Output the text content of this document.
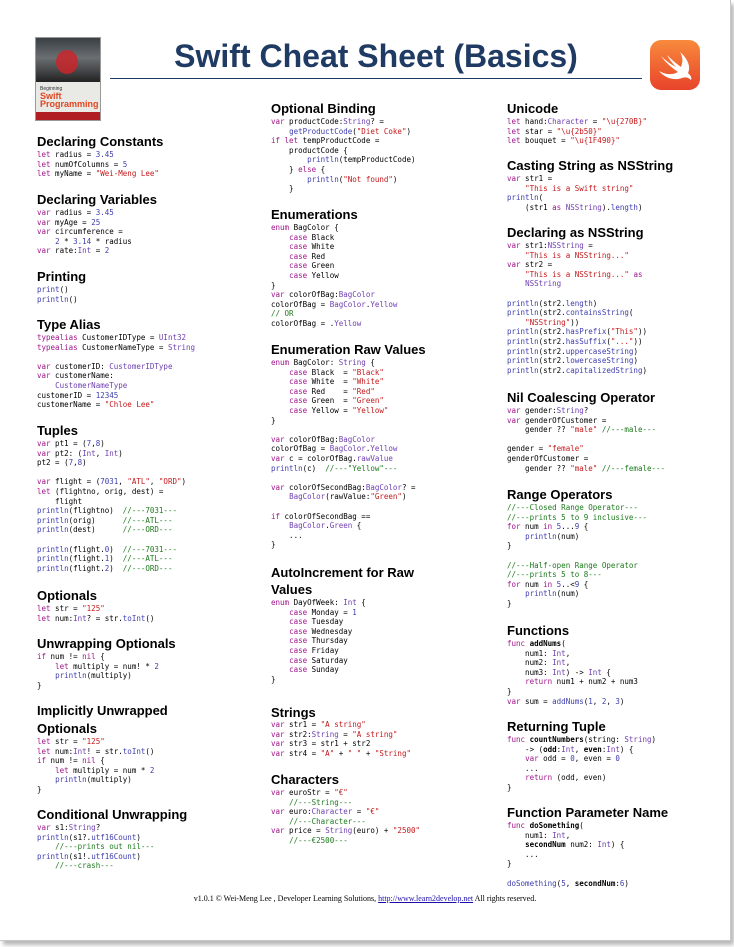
Beginning
Swift
Programming
Swift Cheat Sheet (Basics)
Declaring Constants
let radius = 3.45
let numOfColumns = 5
let myName = "Wei-Meng Lee"
Declaring Variables
var radius = 3.45
var myAge = 25
var circumference =
2 * 3.14 * radius
var rate:Int = 2
Printing
print()
println()
Type Alias
typealias CustomerIDType = UInt32
typealias CustomerNameType = String

var customerID: CustomerIDType
var customerName:
CustomerNameType
customerID = 12345
customerName = "Chloe Lee"
Tuples
var pt1 = (7,8)
var pt2: (Int, Int)
pt2 = (7,8)

var flight = (7031, "ATL", "ORD")
let (flightno, orig, dest) =
flight
println(flightno)  //---7031---
println(orig)      //---ATL---
println(dest)      //---ORD---

println(flight.0)  //---7031---
println(flight.1)  //---ATL---
println(flight.2)  //---ORD---
Optionals
let str = "125"
let num:Int? = str.toInt()
Unwrapping Optionals
if num != nil {
let multiply = num! * 2
println(multiply)
}
Implicitly Unwrapped
Optionals
let str = "125"
let num:Int! = str.toInt()
if num != nil {
let multiply = num * 2
println(multiply)
}
Conditional Unwrapping
var s1:String?
println(s1?.utf16Count)
//---prints out nil---
println(s1!.utf16Count)
//---crash---
Optional Binding
var productCode:String? =
getProductCode("Diet Coke")
if let tempProductCode =
productCode {
println(tempProductCode)
} else {
println("Not found")
}
Enumerations
enum BagColor {
case Black
case White
case Red
case Green
case Yellow
}
var colorOfBag:BagColor
colorOfBag = BagColor.Yellow
// OR
colorOfBag = .Yellow
Enumeration Raw Values
enum BagColor: String {
case Black  = "Black"
case White  = "White"
case Red    = "Red"
case Green  = "Green"
case Yellow = "Yellow"
}

var colorOfBag:BagColor
colorOfBag = BagColor.Yellow
var c = colorOfBag.rawValue
println(c)  //---"Yellow"---

var colorOfSecondBag:BagColor? =
BagColor(rawValue:"Green")

if colorOfSecondBag ==
BagColor.Green {
...
}
AutoIncrement for Raw
Values
enum DayOfWeek: Int {
case Monday = 1
case Tuesday
case Wednesday
case Thursday
case Friday
case Saturday
case Sunday
}
Strings
var str1 = "A string"
var str2:String = "A string"
var str3 = str1 + str2
var str4 = "A" + " " + "String"
Characters
var euroStr = "€"
//---String---
var euro:Character = "€"
//---Character---
var price = String(euro) + "2500"
//---€2500---
Unicode
let hand:Character = "\u{270B}"
let star = "\u{2b50}"
let bouquet = "\u{1F490}"
Casting String as NSString
var str1 =
"This is a Swift string"
println(
(str1 as NSString).length)
Declaring as NSString
var str1:NSString =
"This is a NSString..."
var str2 =
"This is a NSString..." as
NSString

println(str2.length)
println(str2.containsString(
"NSString"))
println(str2.hasPrefix("This"))
println(str2.hasSuffix("..."))
println(str2.uppercaseString)
println(str2.lowercaseString)
println(str2.capitalizedString)
Nil Coalescing Operator
var gender:String?
var genderOfCustomer =
gender ?? "male" //---male---

gender = "female"
genderOfCustomer =
gender ?? "male" //---female---
Range Operators
//---Closed Range Operator---
//---prints 5 to 9 inclusive---
for num in 5...9 {
println(num)
}

//---Half-open Range Operator
//---prints 5 to 8---
for num in 5..<9 {
println(num)
}
Functions
func addNums(
num1: Int,
num2: Int,
num3: Int) -> Int {
return num1 + num2 + num3
}
var sum = addNums(1, 2, 3)
Returning Tuple
func countNumbers(string: String)
-> (odd:Int, even:Int) {
var odd = 0, even = 0
...
return (odd, even)
}
Function Parameter Name
func doSomething(
num1: Int,
secondNum num2: Int) {
...
}

doSomething(5, secondNum:6)
v1.0.1 © Wei-Meng Lee , Developer Learning Solutions, http://www.learn2develop.net All rights reserved.
